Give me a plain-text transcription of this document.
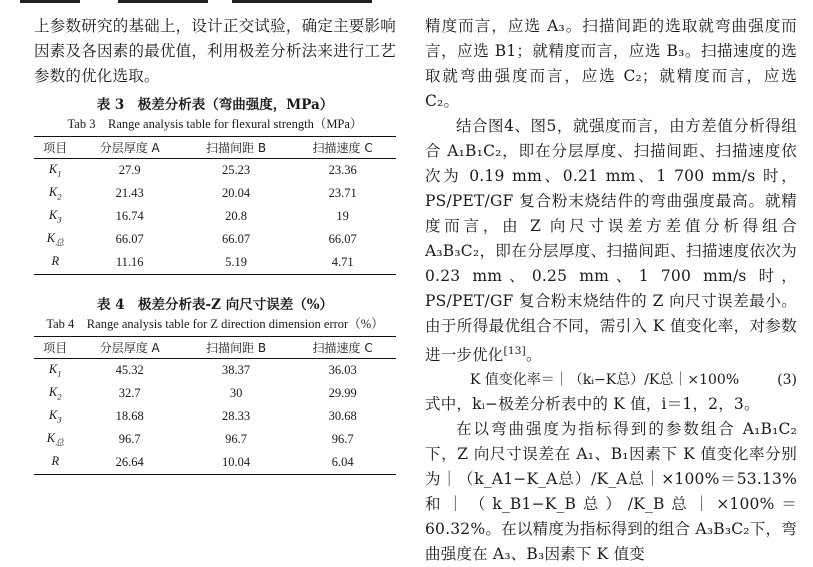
上参数研究的基础上，设计正交试验，确定主要影响因素及各因素的最优值，利用极差分析法来进行工艺参数的优化选取。

表 3　极差分析表（弯曲强度，MPa）
Tab 3　Range analysis table for flexural strength（MPa）
项目	分层厚度 A	扫描间距 B	扫描速度 C
$K_1$	27.9	25.23	23.36
$K_2$	21.43	20.04	23.71
$K_3$	16.74	20.8	19
$K_总$	66.07	66.07	66.07
R	11.16	5.19	4.71
表 4　极差分析表-Z 向尺寸误差（%）
Tab 4　Range analysis table for Z direction dimension error（%）
项目	分层厚度 A	扫描间距 B	扫描速度 C
$K_1$	45.32	38.37	36.03
$K_2$	32.7	30	29.99
$K_3$	18.68	28.33	30.68
$K_总$	96.7	96.7	96.7
R	26.64	10.04	6.04

精度而言，应选 A₃。扫描间距的选取就弯曲强度而言，应选 B1；就精度而言，应选 B₃。扫描速度的选取就弯曲强度而言，应选 C₂；就精度而言，应选 C₂。

结合图4、图5，就强度而言，由方差值分析得组合 A₁B₁C₂，即在分层厚度、扫描间距、扫描速度依次为 0.19 mm、0.21 mm、1 700 mm/s 时，PS/PET/GF 复合粉末烧结件的弯曲强度最高。就精度而言，由 Z 向尺寸误差方差值分析得组合 A₃B₃C₂，即在分层厚度、扫描间距、扫描速度依次为 0.23 mm、0.25 mm、1 700 mm/s 时，PS/PET/GF 复合粉末烧结件的 Z 向尺寸误差最小。由于所得最优组合不同，需引入 K 值变化率，对参数进一步优化[13]。

K 值变化率＝｜（kᵢ−K总）/K总｜×100%	(3)

式中，kᵢ−极差分析表中的 K 值，i＝1，2，3。

在以弯曲强度为指标得到的参数组合 A₁B₁C₂下，Z 向尺寸误差在 A₁、B₁因素下 K 值变化率分别为｜（k_A1−K_A总）/K_A总｜×100%＝53.13% 和｜（k_B1−K_B总）/K_B总｜×100%＝60.32%。在以精度为指标得到的组合 A₃B₃C₂下，弯曲强度在 A₃、B₃因素下 K 值变
